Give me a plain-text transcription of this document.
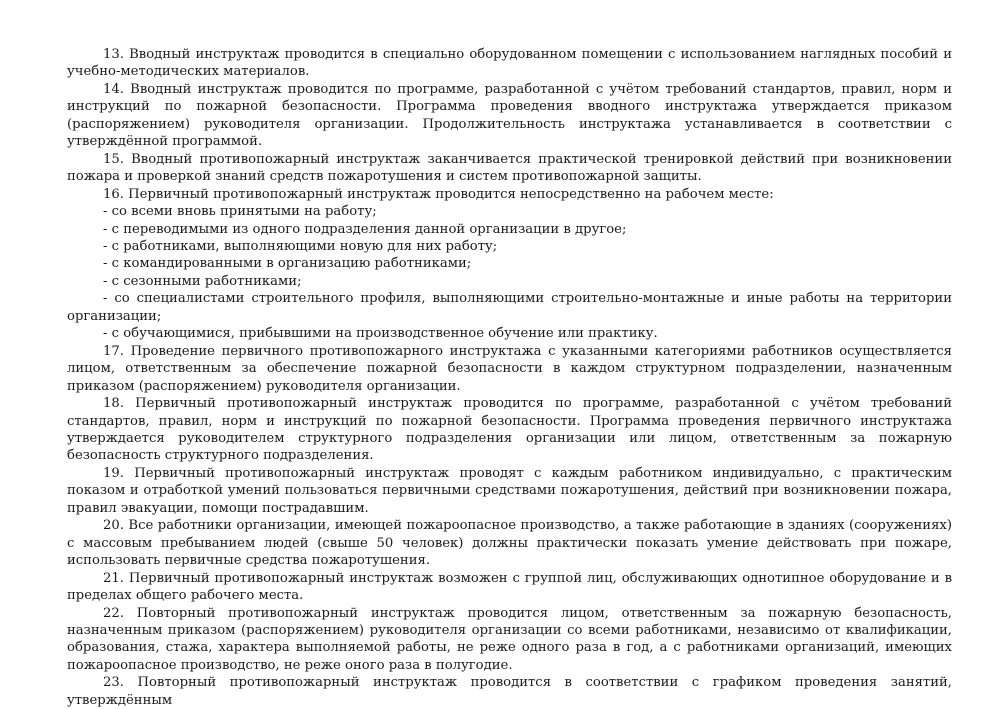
13. Вводный инструктаж проводится в специально оборудованном помещении с использованием наглядных пособий и учебно-методических материалов.

14. Вводный инструктаж проводится по программе, разработанной с учётом требований стандартов, правил, норм и инструкций по пожарной безопасности. Программа проведения вводного инструктажа утверждается приказом (распоряжением) руководителя организации. Продолжительность инструктажа устанавливается в соответствии с утверждённой программой.

15. Вводный противопожарный инструктаж заканчивается практической тренировкой действий при возникновении пожара и проверкой знаний средств пожаротушения и систем противопожарной защиты.

16. Первичный противопожарный инструктаж проводится непосредственно на рабочем месте:

- со всеми вновь принятыми на работу;

- с переводимыми из одного подразделения данной организации в другое;

- с работниками, выполняющими новую для них работу;

- с командированными в организацию работниками;

- с сезонными работниками;

- со специалистами строительного профиля, выполняющими строительно-монтажные и иные работы на территории организации;

- с обучающимися, прибывшими на производственное обучение или практику.

17. Проведение первичного противопожарного инструктажа с указанными категориями работников осуществляется лицом, ответственным за обеспечение пожарной безопасности в каждом структурном подразделении, назначенным приказом (распоряжением) руководителя организации.

18. Первичный противопожарный инструктаж проводится по программе, разработанной с учётом требований стандартов, правил, норм и инструкций по пожарной безопасности. Программа проведения первичного инструктажа утверждается руководителем структурного подразделения организации или лицом, ответственным за пожарную безопасность структурного подразделения.

19. Первичный противопожарный инструктаж проводят с каждым работником индивидуально, с практическим показом и отработкой умений пользоваться первичными средствами пожаротушения, действий при возникновении пожара, правил эвакуации, помощи пострадавшим.

20. Все работники организации, имеющей пожароопасное производство, а также работающие в зданиях (сооружениях) с массовым пребыванием людей (свыше 50 человек) должны практически показать умение действовать при пожаре, использовать первичные средства пожаротушения.

21. Первичный противопожарный инструктаж возможен с группой лиц, обслуживающих однотипное оборудование и в пределах общего рабочего места.

22. Повторный противопожарный инструктаж проводится лицом, ответственным за пожарную безопасность, назначенным приказом (распоряжением) руководителя организации со всеми работниками, независимо от квалификации, образования, стажа, характера выполняемой работы, не реже одного раза в год, а с работниками организаций, имеющих пожароопасное производство, не реже оного раза в полугодие.

23. Повторный противопожарный инструктаж проводится в соответствии с графиком проведения занятий, утверждённым
